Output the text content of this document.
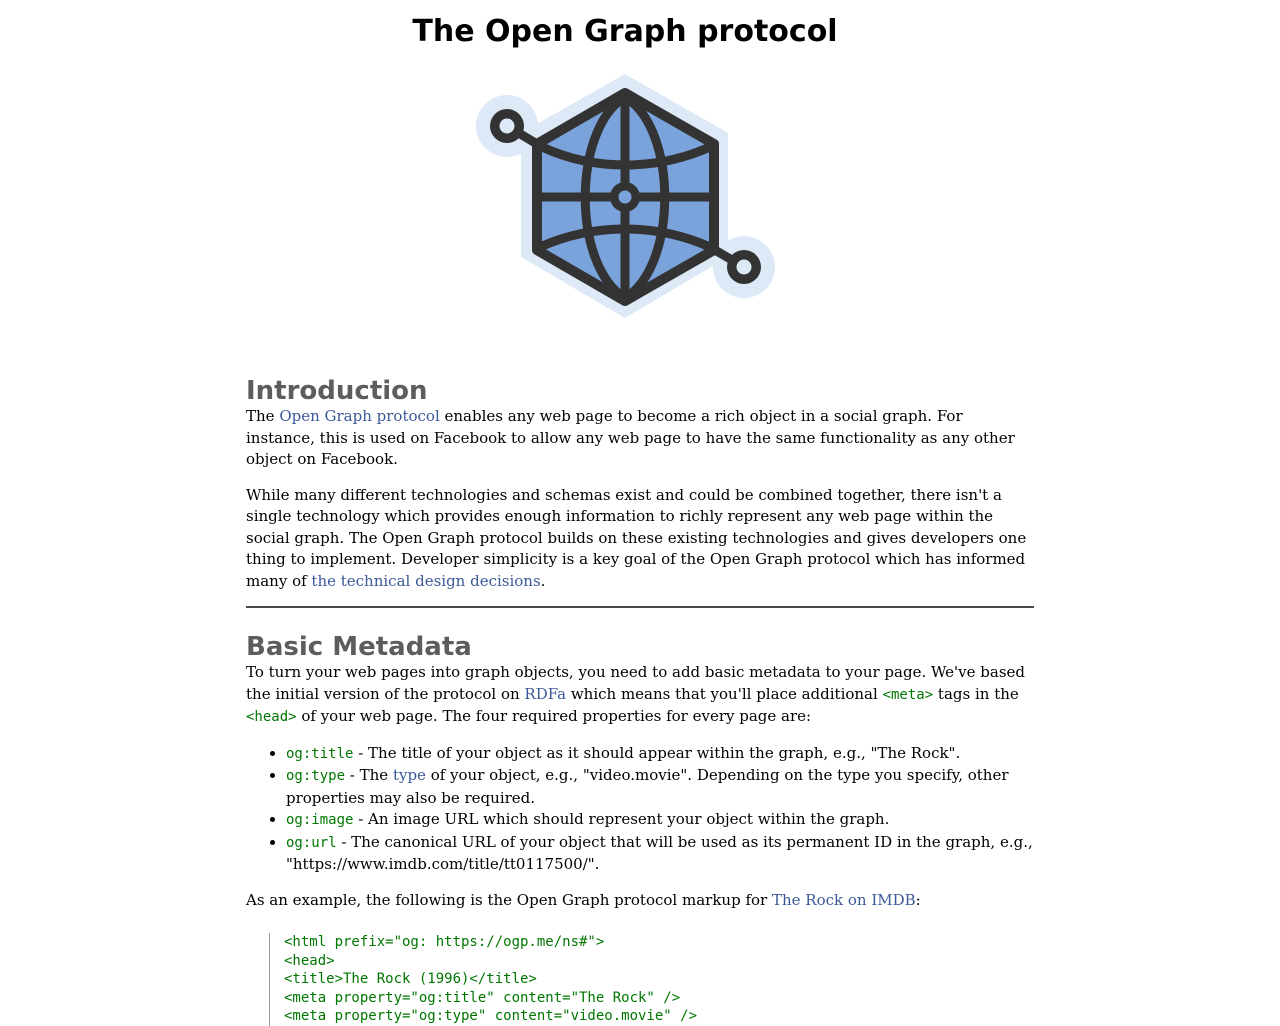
The Open Graph protocol
Introduction

The Open Graph protocol enables any web page to become a rich object in a social graph. For instance, this is used on Facebook to allow any web page to have the same functionality as any other object on Facebook.

While many different technologies and schemas exist and could be combined together, there isn't a single technology which provides enough information to richly represent any web page within the social graph. The Open Graph protocol builds on these existing technologies and gives developers one thing to implement. Developer simplicity is a key goal of the Open Graph protocol which has informed many of the technical design decisions.

Basic Metadata

To turn your web pages into graph objects, you need to add basic metadata to your page. We've based the initial version of the protocol on RDFa which means that you'll place additional <meta> tags in the <head> of your web page. The four required properties for every page are:

• og:title - The title of your object as it should appear within the graph, e.g., "The Rock".
• og:type - The type of your object, e.g., "video.movie". Depending on the type you specify, other properties may also be required.
• og:image - An image URL which should represent your object within the graph.
• og:url - The canonical URL of your object that will be used as its permanent ID in the graph, e.g., "https://www.imdb.com/title/tt0117500/".

As an example, the following is the Open Graph protocol markup for The Rock on IMDB:

<html prefix="og: https://ogp.me/ns#">
<head>
<title>The Rock (1996)</title>
<meta property="og:title" content="The Rock" />
<meta property="og:type" content="video.movie" />
